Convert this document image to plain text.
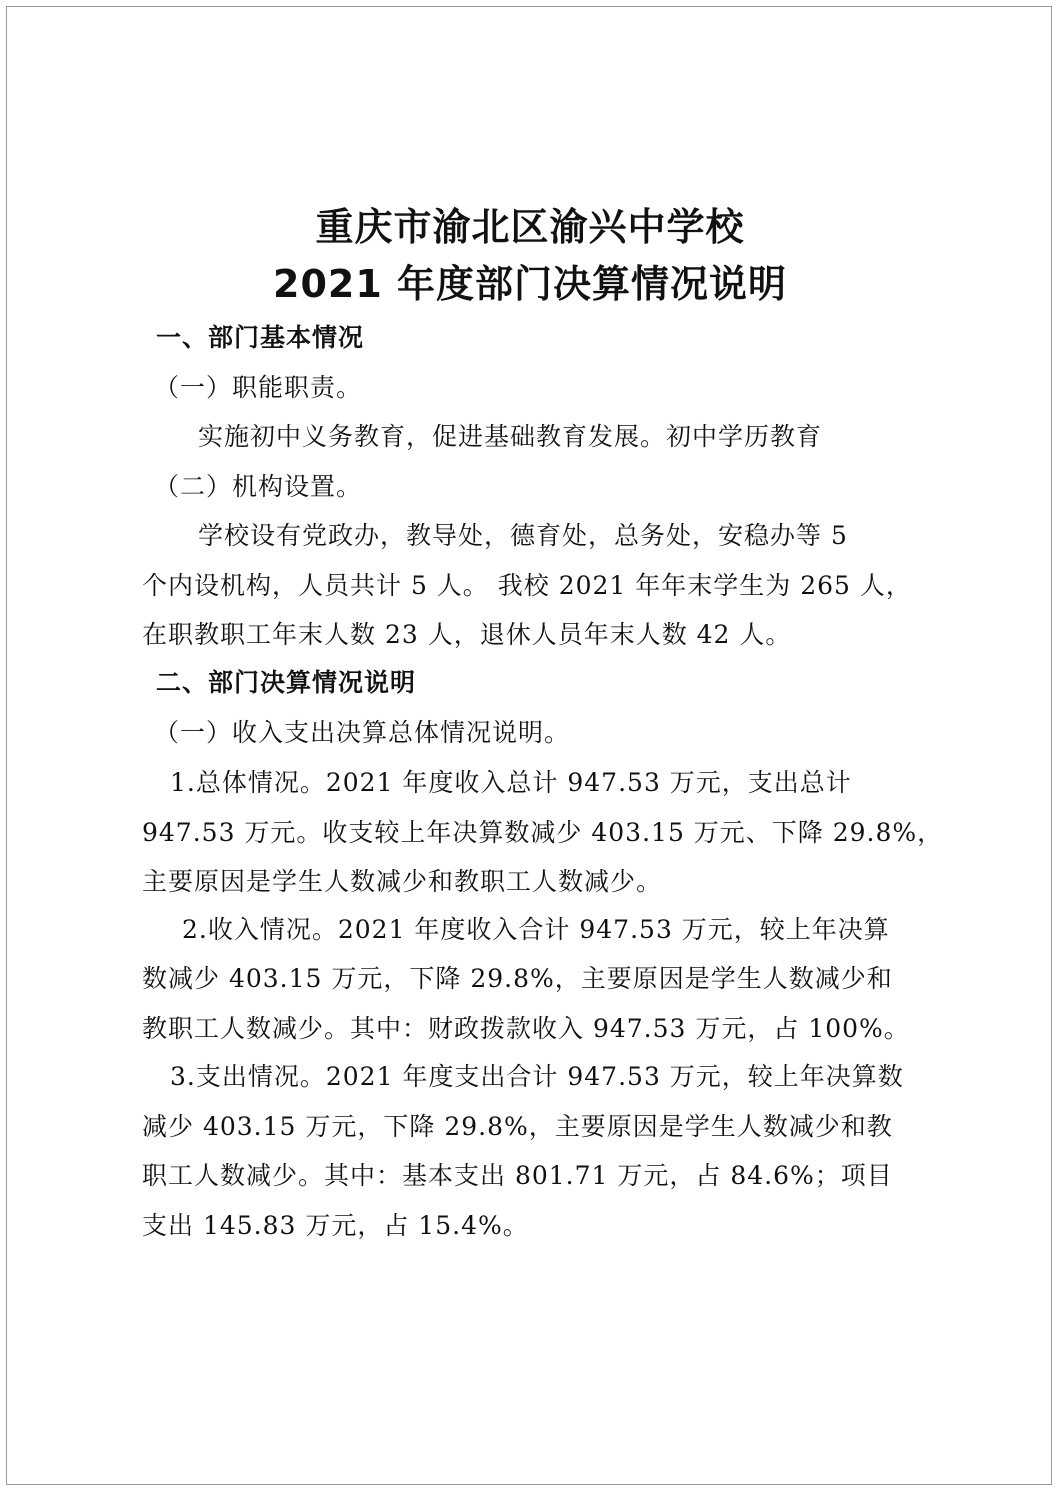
重庆市渝北区渝兴中学校
2021 年度部门决算情况说明
一、部门基本情况
（一）职能职责。
实施初中义务教育，促进基础教育发展。初中学历教育
（二）机构设置。
学校设有党政办，教导处，德育处，总务处，安稳办等 5
个内设机构，人员共计 5 人。 我校 2021 年年末学生为 265 人，
在职教职工年末人数 23 人，退休人员年末人数 42 人。
二、部门决算情况说明
（一）收入支出决算总体情况说明。
1.总体情况。2021 年度收入总计 947.53 万元，支出总计
947.53 万元。收支较上年决算数减少 403.15 万元、下降 29.8%，
主要原因是学生人数减少和教职工人数减少。
2.收入情况。2021 年度收入合计 947.53 万元，较上年决算
数减少 403.15 万元，下降 29.8%，主要原因是学生人数减少和
教职工人数减少。其中：财政拨款收入 947.53 万元，占 100%。
3.支出情况。2021 年度支出合计 947.53 万元，较上年决算数
减少 403.15 万元，下降 29.8%，主要原因是学生人数减少和教
职工人数减少。其中：基本支出 801.71 万元，占 84.6%；项目
支出 145.83 万元，占 15.4%。
